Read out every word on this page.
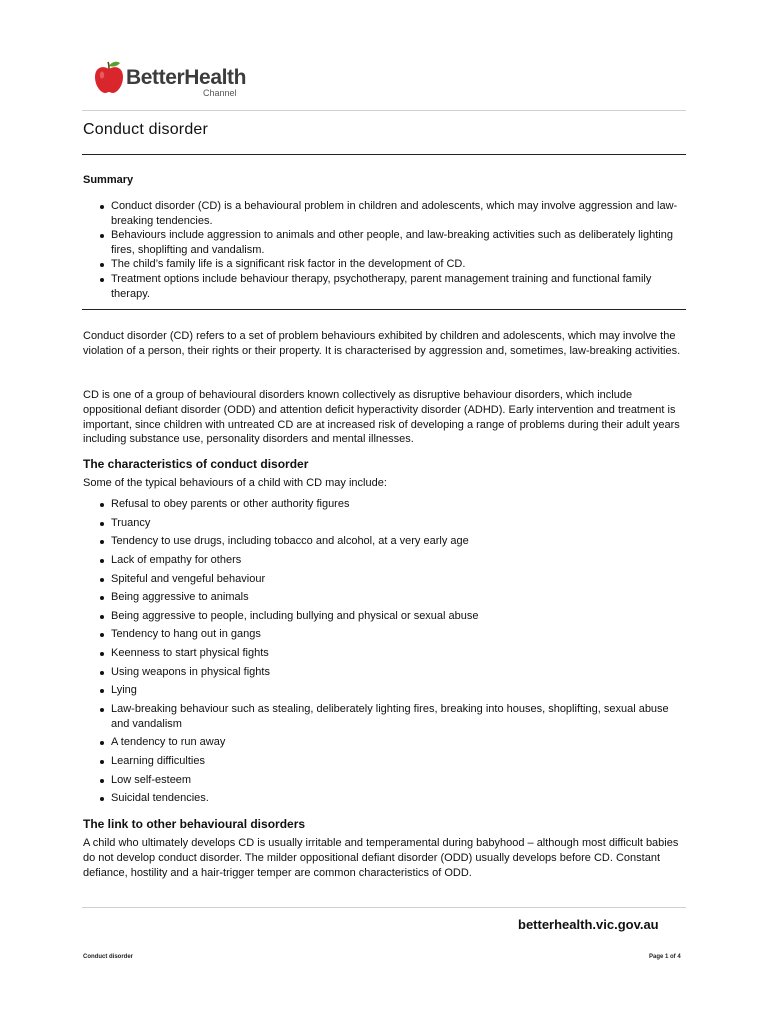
BetterHealth
Channel
Conduct disorder
Summary
Conduct disorder (CD) is a behavioural problem in children and adolescents, which may involve aggression and law-breaking tendencies.
Behaviours include aggression to animals and other people, and law-breaking activities such as deliberately lighting fires, shoplifting and vandalism.
The child’s family life is a significant risk factor in the development of CD.
Treatment options include behaviour therapy, psychotherapy, parent management training and functional family therapy.

Conduct disorder (CD) refers to a set of problem behaviours exhibited by children and adolescents, which may involve the violation of a person, their rights or their property. It is characterised by aggression and, sometimes, law-breaking activities.

CD is one of a group of behavioural disorders known collectively as disruptive behaviour disorders, which include oppositional defiant disorder (ODD) and attention deficit hyperactivity disorder (ADHD). Early intervention and treatment is important, since children with untreated CD are at increased risk of developing a range of problems during their adult years including substance use, personality disorders and mental illnesses.

The characteristics of conduct disorder

Some of the typical behaviours of a child with CD may include:

Refusal to obey parents or other authority figures
Truancy
Tendency to use drugs, including tobacco and alcohol, at a very early age
Lack of empathy for others
Spiteful and vengeful behaviour
Being aggressive to animals
Being aggressive to people, including bullying and physical or sexual abuse
Tendency to hang out in gangs
Keenness to start physical fights
Using weapons in physical fights
Lying
Law-breaking behaviour such as stealing, deliberately lighting fires, breaking into houses, shoplifting, sexual abuse and vandalism
A tendency to run away
Learning difficulties
Low self-esteem
Suicidal tendencies.
The link to other behavioural disorders

A child who ultimately develops CD is usually irritable and temperamental during babyhood – although most difficult babies do not develop conduct disorder. The milder oppositional defiant disorder (ODD) usually develops before CD. Constant defiance, hostility and a hair-trigger temper are common characteristics of ODD.

betterhealth.vic.gov.au
Conduct disorder	Page 1 of 4
